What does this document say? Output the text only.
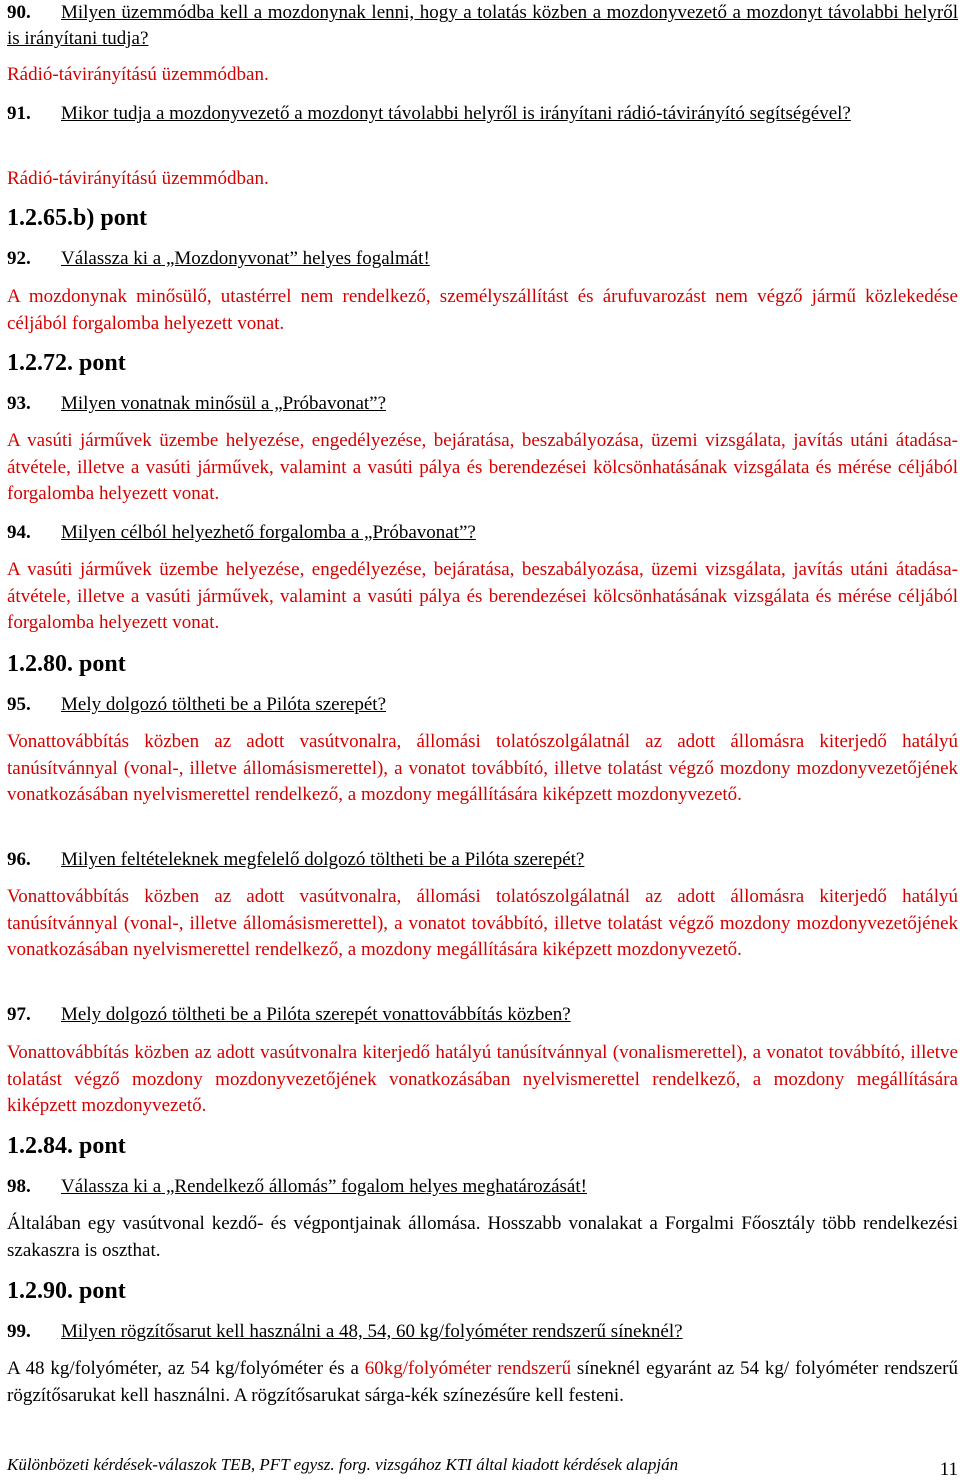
90.	Milyen üzemmódba kell a mozdonynak lenni, hogy a tolatás közben a mozdonyvezető a mozdonyt távolabbi helyről is irányítani tudja?
Rádió-távirányítású üzemmódban.
91.	Mikor tudja a mozdonyvezető a mozdonyt távolabbi helyről is irányítani rádió-távirányító segítségével?
Rádió-távirányítású üzemmódban.
1.2.65.b) pont
92.	Válassza ki a „Mozdonyvonat” helyes fogalmát!
A mozdonynak minősülő, utastérrel nem rendelkező, személyszállítást és árufuvarozást nem végző jármű közlekedése céljából forgalomba helyezett vonat.
1.2.72. pont
93.	Milyen vonatnak minősül a „Próbavonat”?
A vasúti járművek üzembe helyezése, engedélyezése, bejáratása, beszabályozása, üzemi vizsgálata, javítás utáni átadása-átvétele, illetve a vasúti járművek, valamint a vasúti pálya és berendezései kölcsönhatásának vizsgálata és mérése céljából forgalomba helyezett vonat.
94.	Milyen célból helyezhető forgalomba a „Próbavonat”?
A vasúti járművek üzembe helyezése, engedélyezése, bejáratása, beszabályozása, üzemi vizsgálata, javítás utáni átadása-átvétele, illetve a vasúti járművek, valamint a vasúti pálya és berendezései kölcsönhatásának vizsgálata és mérése céljából forgalomba helyezett vonat.
1.2.80. pont
95.	Mely dolgozó töltheti be a Pilóta szerepét?
Vonattovábbítás közben az adott vasútvonalra, állomási tolatószolgálatnál az adott állomásra kiterjedő hatályú tanúsítvánnyal (vonal-, illetve állomásismerettel), a vonatot továbbító, illetve tolatást végző mozdony mozdonyvezetőjének vonatkozásában nyelvismerettel rendelkező, a mozdony megállítására kiképzett mozdonyvezető.
96.	Milyen feltételeknek megfelelő dolgozó töltheti be a Pilóta szerepét?
Vonattovábbítás közben az adott vasútvonalra, állomási tolatószolgálatnál az adott állomásra kiterjedő hatályú tanúsítvánnyal (vonal-, illetve állomásismerettel), a vonatot továbbító, illetve tolatást végző mozdony mozdonyvezetőjének vonatkozásában nyelvismerettel rendelkező, a mozdony megállítására kiképzett mozdonyvezető.
97.	Mely dolgozó töltheti be a Pilóta szerepét vonattovábbítás közben?
Vonattovábbítás közben az adott vasútvonalra kiterjedő hatályú tanúsítvánnyal (vonalismerettel), a vonatot továbbító, illetve tolatást végző mozdony mozdonyvezetőjének vonatkozásában nyelvismerettel rendelkező, a mozdony megállítására kiképzett mozdonyvezető.
1.2.84. pont
98.	Válassza ki a „Rendelkező állomás” fogalom helyes meghatározását!
Általában egy vasútvonal kezdő- és végpontjainak állomása. Hosszabb vonalakat a Forgalmi Főosztály több rendelkezési szakaszra is oszthat.
1.2.90. pont
99.	Milyen rögzítősarut kell használni a 48, 54, 60 kg/folyóméter rendszerű síneknél?
A 48 kg/folyóméter, az 54 kg/folyóméter és a 60kg/folyóméter rendszerű síneknél egyaránt az 54 kg/ folyóméter rendszerű rögzítősarukat kell használni. A rögzítősarukat sárga-kék színezésűre kell festeni.
Különbözeti kérdések-válaszok TEB, PFT egysz. forg. vizsgához KTI által kiadott kérdések alapján	11
